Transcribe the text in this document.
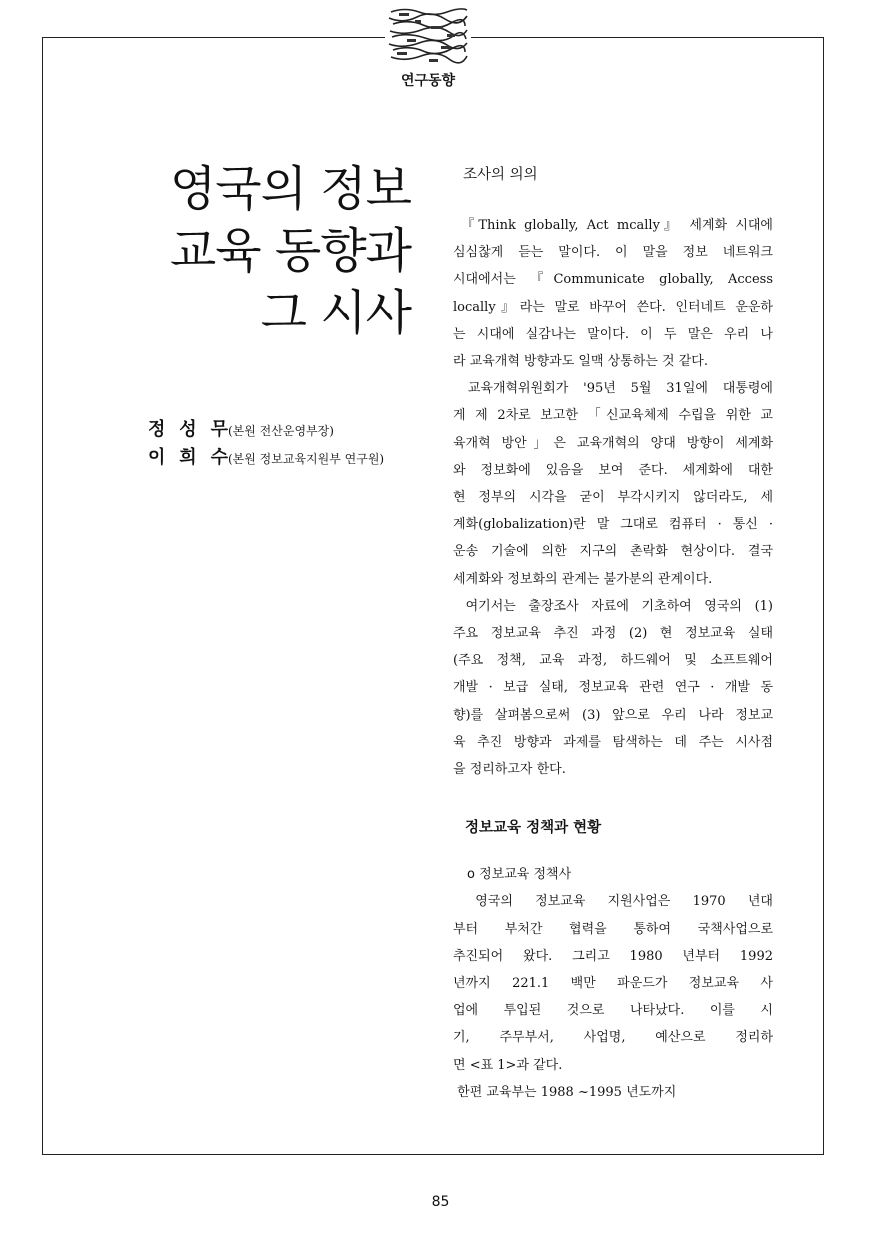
연구동향
영국의 정보
교육 동향과
그 시사
정 성 무 (본원 전산운영부장)
이 희 수 (본원 정보교육지원부 연구원)
조사의 의의

『Think globally, Act mcally』 세계화 시대에
심심찮게 듣는 말이다. 이 말을 정보 네트워크
시대에서는 『Communicate globally, Access
locally』라는 말로 바꾸어 쓴다. 인터네트 운운하
는 시대에 실감나는 말이다. 이 두 말은 우리 나
라 교육개혁 방향과도 일맥 상통하는 것 같다.

교육개혁위원회가 '95년 5월 31일에 대통령에
게 제 2차로 보고한 「신교육체제 수립을 위한 교
육개혁 방안」은 교육개혁의 양대 방향이 세계화
와 정보화에 있음을 보여 준다. 세계화에 대한
현 정부의 시각을 굳이 부각시키지 않더라도, 세
계화(globalization)란 말 그대로 컴퓨터 · 통신 ·
운송 기술에 의한 지구의 촌락화 현상이다. 결국
세계화와 정보화의 관계는 불가분의 관계이다.

여기서는 출장조사 자료에 기초하여 영국의 (1)
주요 정보교육 추진 과정 (2) 현 정보교육 실태
(주요 정책, 교육 과정, 하드웨어 및 소프트웨어
개발 · 보급 실태, 정보교육 관련 연구 · 개발 동
향)를 살펴봄으로써 (3) 앞으로 우리 나라 정보교
육 추진 방향과 과제를 탐색하는 데 주는 시사점
을 정리하고자 한다.

정보교육 정책과 현황
o 정보교육 정책사

영국의 정보교육 지원사업은 1970 년대
부터 부처간 협력을 통하여 국책사업으로
추진되어 왔다. 그리고 1980 년부터 1992
년까지 221.1 백만 파운드가 정보교육 사
업에 투입된 것으로 나타났다. 이를 시
기, 주무부서, 사업명, 예산으로 정리하
면 <표 1>과 같다.

한편 교육부는 1988 ~1995 년도까지

85
